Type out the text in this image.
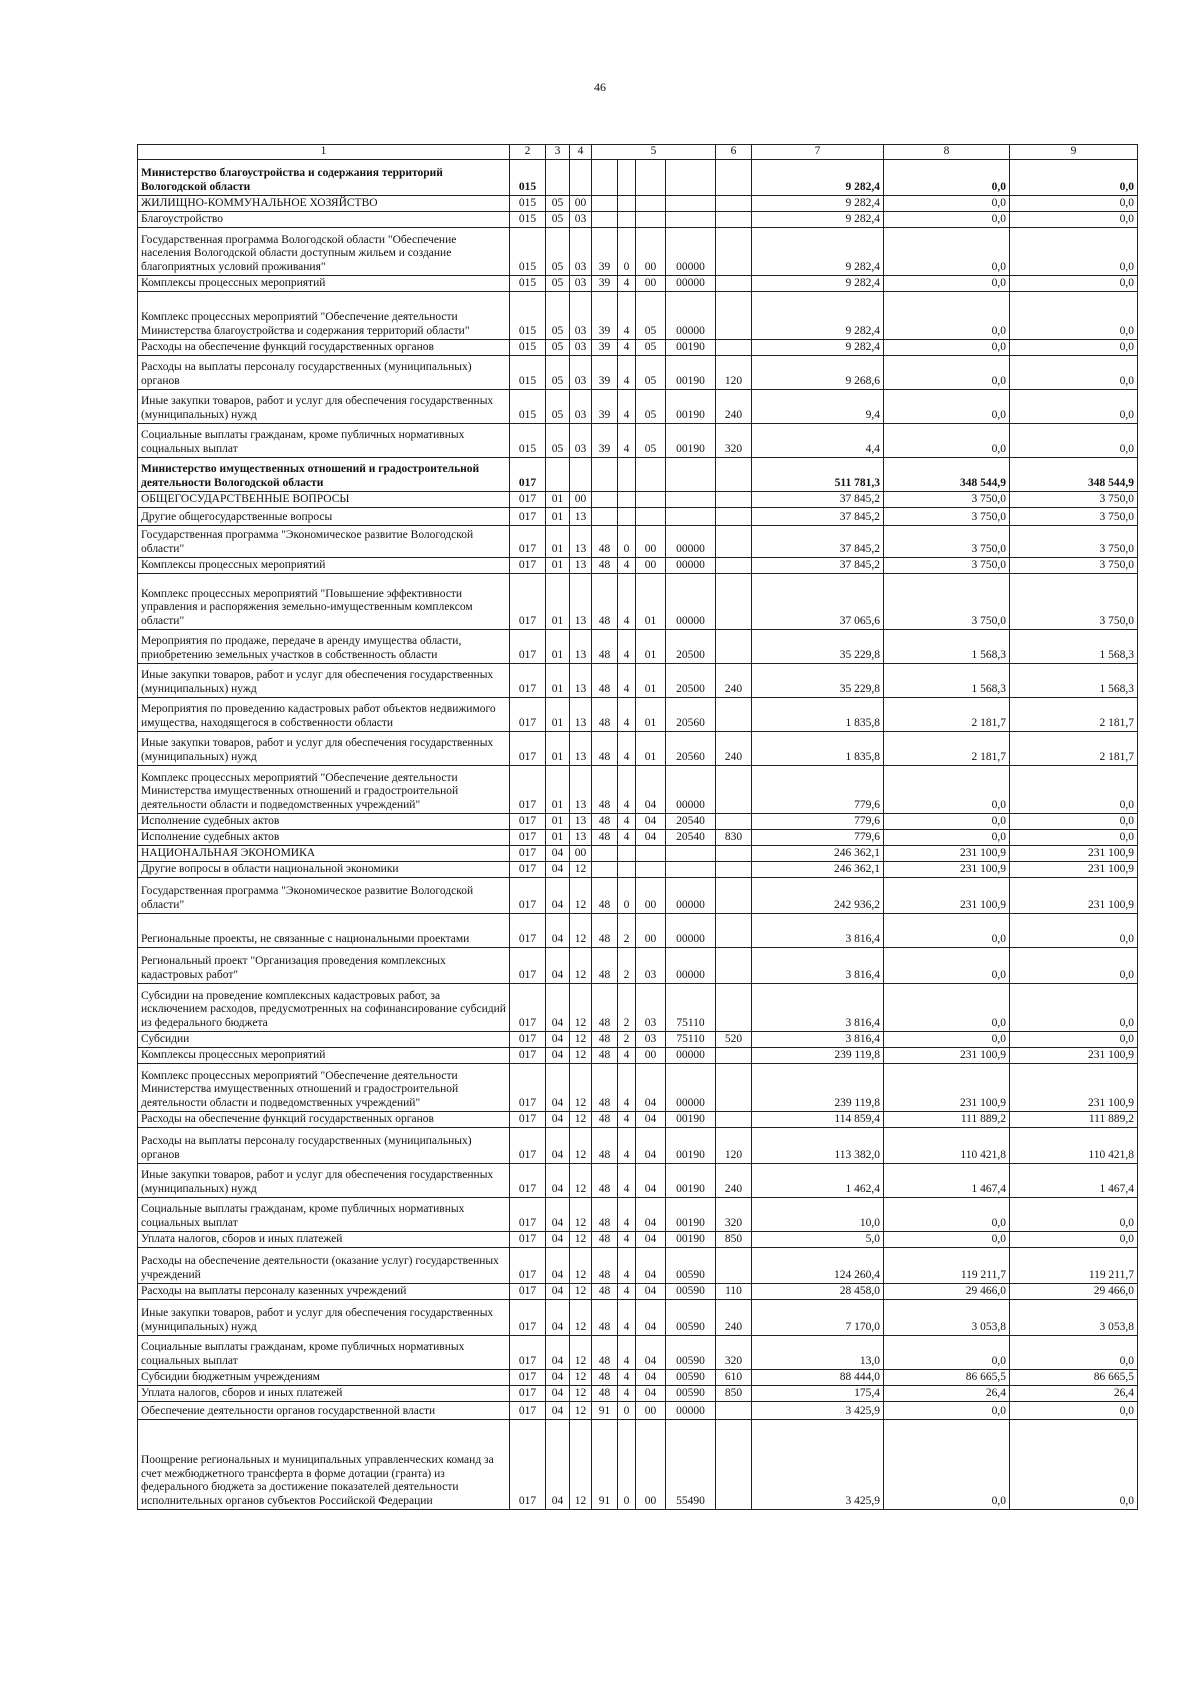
46
1	2	3	4	5				6	7	8	9
Министерство благоустройства и содержания территорий Вологодской области	015								9 282,4	0,0	0,0
ЖИЛИЩНО-КОММУНАЛЬНОЕ ХОЗЯЙСТВО	015	05	00						9 282,4	0,0	0,0
Благоустройство	015	05	03						9 282,4	0,0	0,0
Государственная программа Вологодской области "Обеспечение населения Вологодской области доступным жильем и создание благоприятных условий проживания"	015	05	03	39	0	00	00000		9 282,4	0,0	0,0
Комплексы процессных мероприятий	015	05	03	39	4	00	00000		9 282,4	0,0	0,0
Комплекс процессных мероприятий "Обеспечение деятельности Министерства благоустройства и содержания территорий области"	015	05	03	39	4	05	00000		9 282,4	0,0	0,0
Расходы на обеспечение функций государственных органов	015	05	03	39	4	05	00190		9 282,4	0,0	0,0
Расходы на выплаты персоналу государственных (муниципальных) органов	015	05	03	39	4	05	00190	120	9 268,6	0,0	0,0
Иные закупки товаров, работ и услуг для обеспечения государственных (муниципальных) нужд	015	05	03	39	4	05	00190	240	9,4	0,0	0,0
Социальные выплаты гражданам, кроме публичных нормативных социальных выплат	015	05	03	39	4	05	00190	320	4,4	0,0	0,0
Министерство имущественных отношений и градостроительной деятельности Вологодской области	017								511 781,3	348 544,9	348 544,9
ОБЩЕГОСУДАРСТВЕННЫЕ ВОПРОСЫ	017	01	00						37 845,2	3 750,0	3 750,0
Другие общегосударственные вопросы	017	01	13						37 845,2	3 750,0	3 750,0
Государственная программа "Экономическое развитие Вологодской области"	017	01	13	48	0	00	00000		37 845,2	3 750,0	3 750,0
Комплексы процессных мероприятий	017	01	13	48	4	00	00000		37 845,2	3 750,0	3 750,0
Комплекс процессных мероприятий "Повышение эффективности управления и распоряжения земельно-имущественным комплексом области"	017	01	13	48	4	01	00000		37 065,6	3 750,0	3 750,0
Мероприятия по продаже, передаче в аренду имущества области, приобретению земельных участков в собственность области	017	01	13	48	4	01	20500		35 229,8	1 568,3	1 568,3
Иные закупки товаров, работ и услуг для обеспечения государственных (муниципальных) нужд	017	01	13	48	4	01	20500	240	35 229,8	1 568,3	1 568,3
Мероприятия по проведению кадастровых работ объектов недвижимого имущества, находящегося в собственности области	017	01	13	48	4	01	20560		1 835,8	2 181,7	2 181,7
Иные закупки товаров, работ и услуг для обеспечения государственных (муниципальных) нужд	017	01	13	48	4	01	20560	240	1 835,8	2 181,7	2 181,7
Комплекс процессных мероприятий "Обеспечение деятельности Министерства имущественных отношений и градостроительной деятельности области и подведомственных учреждений"	017	01	13	48	4	04	00000		779,6	0,0	0,0
Исполнение судебных актов	017	01	13	48	4	04	20540		779,6	0,0	0,0
Исполнение судебных актов	017	01	13	48	4	04	20540	830	779,6	0,0	0,0
НАЦИОНАЛЬНАЯ ЭКОНОМИКА	017	04	00						246 362,1	231 100,9	231 100,9
Другие вопросы в области национальной экономики	017	04	12						246 362,1	231 100,9	231 100,9
Государственная программа "Экономическое развитие Вологодской области"	017	04	12	48	0	00	00000		242 936,2	231 100,9	231 100,9
Региональные проекты, не связанные с национальными проектами	017	04	12	48	2	00	00000		3 816,4	0,0	0,0
Региональный проект "Организация проведения комплексных кадастровых работ"	017	04	12	48	2	03	00000		3 816,4	0,0	0,0
Субсидии на проведение комплексных кадастровых работ, за исключением расходов, предусмотренных на софинансирование субсидий из федерального бюджета	017	04	12	48	2	03	75110		3 816,4	0,0	0,0
Субсидии	017	04	12	48	2	03	75110	520	3 816,4	0,0	0,0
Комплексы процессных мероприятий	017	04	12	48	4	00	00000		239 119,8	231 100,9	231 100,9
Комплекс процессных мероприятий "Обеспечение деятельности Министерства имущественных отношений и градостроительной деятельности области и подведомственных учреждений"	017	04	12	48	4	04	00000		239 119,8	231 100,9	231 100,9
Расходы на обеспечение функций государственных органов	017	04	12	48	4	04	00190		114 859,4	111 889,2	111 889,2
Расходы на выплаты персоналу государственных (муниципальных) органов	017	04	12	48	4	04	00190	120	113 382,0	110 421,8	110 421,8
Иные закупки товаров, работ и услуг для обеспечения государственных (муниципальных) нужд	017	04	12	48	4	04	00190	240	1 462,4	1 467,4	1 467,4
Социальные выплаты гражданам, кроме публичных нормативных социальных выплат	017	04	12	48	4	04	00190	320	10,0	0,0	0,0
Уплата налогов, сборов и иных платежей	017	04	12	48	4	04	00190	850	5,0	0,0	0,0
Расходы на обеспечение деятельности (оказание услуг) государственных учреждений	017	04	12	48	4	04	00590		124 260,4	119 211,7	119 211,7
Расходы на выплаты персоналу казенных учреждений	017	04	12	48	4	04	00590	110	28 458,0	29 466,0	29 466,0
Иные закупки товаров, работ и услуг для обеспечения государственных (муниципальных) нужд	017	04	12	48	4	04	00590	240	7 170,0	3 053,8	3 053,8
Социальные выплаты гражданам, кроме публичных нормативных социальных выплат	017	04	12	48	4	04	00590	320	13,0	0,0	0,0
Субсидии бюджетным учреждениям	017	04	12	48	4	04	00590	610	88 444,0	86 665,5	86 665,5
Уплата налогов, сборов и иных платежей	017	04	12	48	4	04	00590	850	175,4	26,4	26,4
Обеспечение деятельности органов государственной власти	017	04	12	91	0	00	00000		3 425,9	0,0	0,0
Поощрение региональных и муниципальных управленческих команд за счет межбюджетного трансферта в форме дотации (гранта) из федерального бюджета за достижение показателей деятельности исполнительных органов субъектов Российской Федерации	017	04	12	91	0	00	55490		3 425,9	0,0	0,0
